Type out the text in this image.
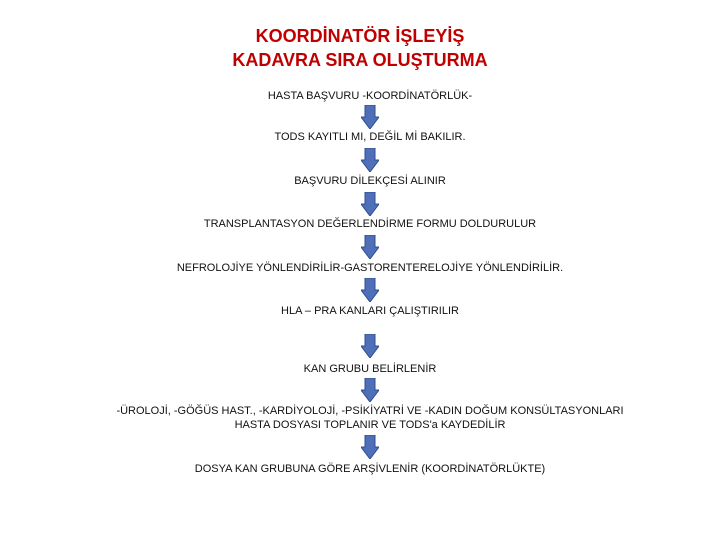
KOORDİNATÖR İŞLEYİŞ
KADAVRA SIRA OLUŞTURMA
HASTA BAŞVURU -KOORDİNATÖRLÜK-
TODS KAYITLI MI, DEĞİL Mİ BAKILIR.
BAŞVURU DİLEKÇESİ ALINIR
TRANSPLANTASYON DEĞERLENDİRME FORMU DOLDURULUR
NEFROLOJİYE YÖNLENDİRİLİR-GASTORENTERELOJİYE YÖNLENDİRİLİR.
HLA – PRA KANLARI ÇALIŞTIRILIR
KAN GRUBU BELİRLENİR
-ÜROLOJİ, -GÖĞÜS HAST., -KARDİYOLOJİ, -PSİKİYATRİ VE -KADIN DOĞUM KONSÜLTASYONLARI
HASTA DOSYASI TOPLANIR VE TODS'a KAYDEDİLİR
DOSYA KAN GRUBUNA GÖRE ARŞİVLENİR (KOORDİNATÖRLÜKTE)
